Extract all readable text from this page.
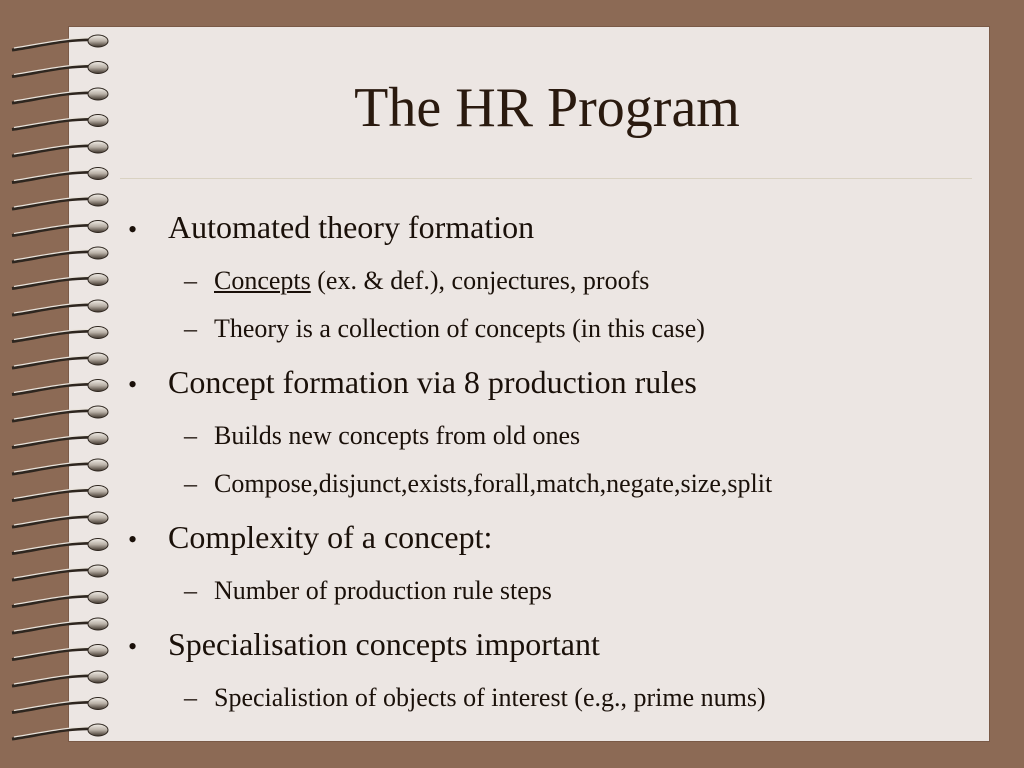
The HR Program
• Automated theory formation
– Concepts (ex. & def.), conjectures, proofs
– Theory is a collection of concepts (in this case)
• Concept formation via 8 production rules
– Builds new concepts from old ones
– Compose,disjunct,exists,forall,match,negate,size,split
• Complexity of a concept:
– Number of production rule steps
• Specialisation concepts important
– Specialistion of objects of interest (e.g., prime nums)
